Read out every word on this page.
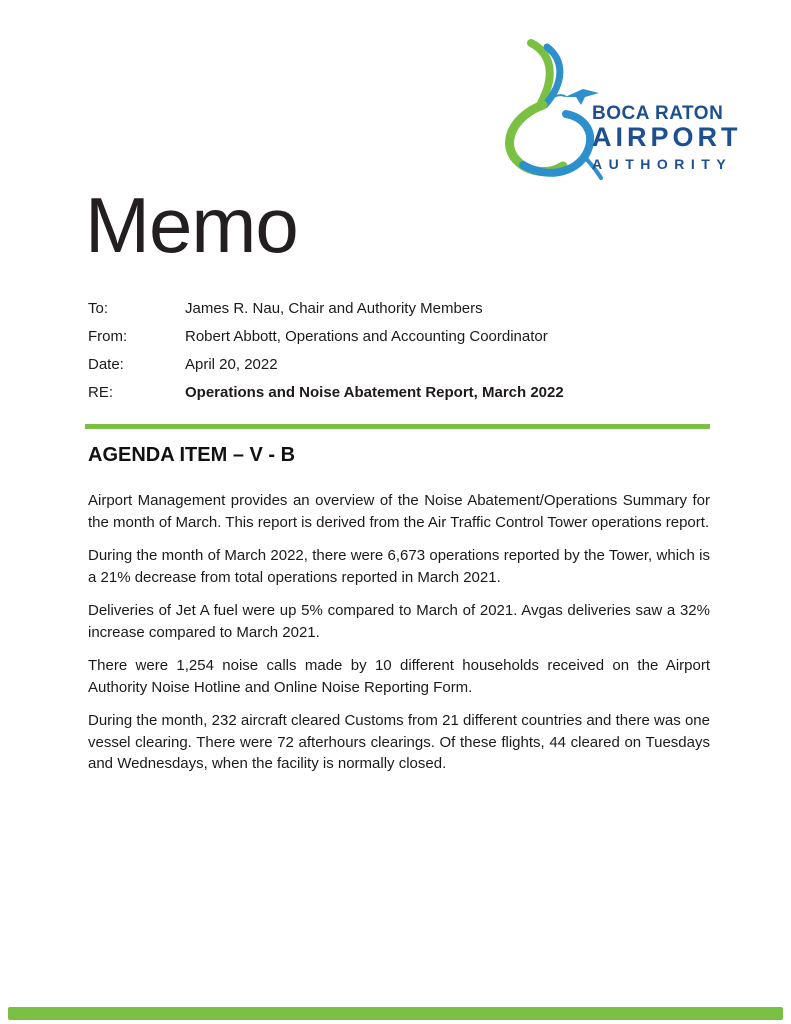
BOCA RATON
AIRPORT
AUTHORITY
Memo
To:	James R. Nau, Chair and Authority Members
From:	Robert Abbott, Operations and Accounting Coordinator
Date:	April 20, 2022
RE:	Operations and Noise Abatement Report, March 2022
AGENDA ITEM – V - B

Airport Management provides an overview of the Noise Abatement/Operations Summary for the month of March. This report is derived from the Air Traffic Control Tower operations report.

During the month of March 2022, there were 6,673 operations reported by the Tower, which is a 21% decrease from total operations reported in March 2021.

Deliveries of Jet A fuel were up 5% compared to March of 2021. Avgas deliveries saw a 32% increase compared to March 2021.

There were 1,254 noise calls made by 10 different households received on the Airport Authority Noise Hotline and Online Noise Reporting Form.

During the month, 232 aircraft cleared Customs from 21 different countries and there was one vessel clearing. There were 72 afterhours clearings. Of these flights, 44 cleared on Tuesdays and Wednesdays, when the facility is normally closed.
